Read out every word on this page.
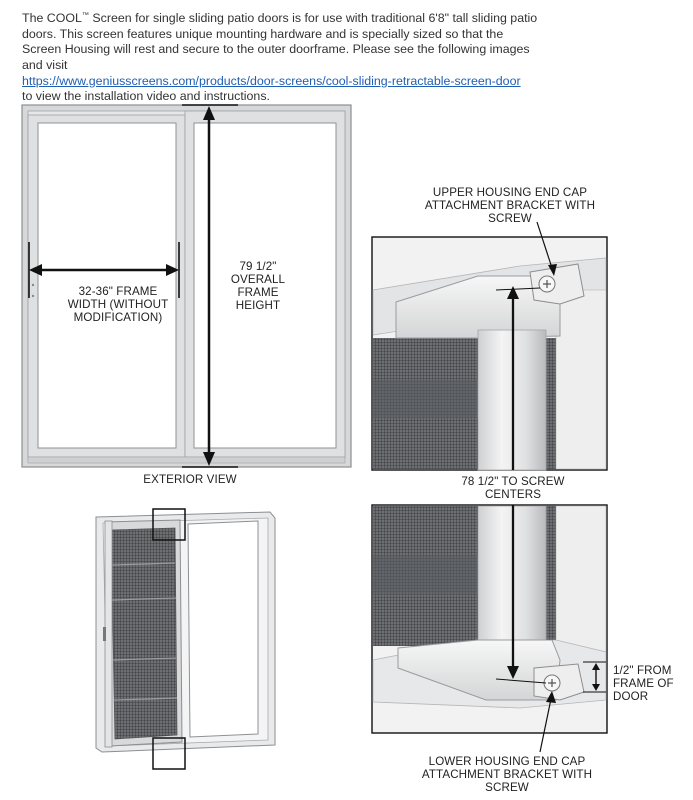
The COOL™ Screen for single sliding patio doors is for use with traditional 6'8" tall sliding patio doors. This screen features unique mounting hardware and is specially sized so that the Screen Housing will rest and secure to the outer doorframe. Please see the following images and visit
https://www.geniusscreens.com/products/door-screens/cool-sliding-retractable-screen-door
to view the installation video and instructions.

32-36" FRAME WIDTH (WITHOUT MODIFICATION)
79 1/2" OVERALL FRAME HEIGHT
EXTERIOR VIEW
UPPER HOUSING END CAP ATTACHMENT BRACKET WITH SCREW
78 1/2" TO SCREW CENTERS
LOWER HOUSING END CAP ATTACHMENT BRACKET WITH SCREW
1/2" FROM FRAME OF DOOR
